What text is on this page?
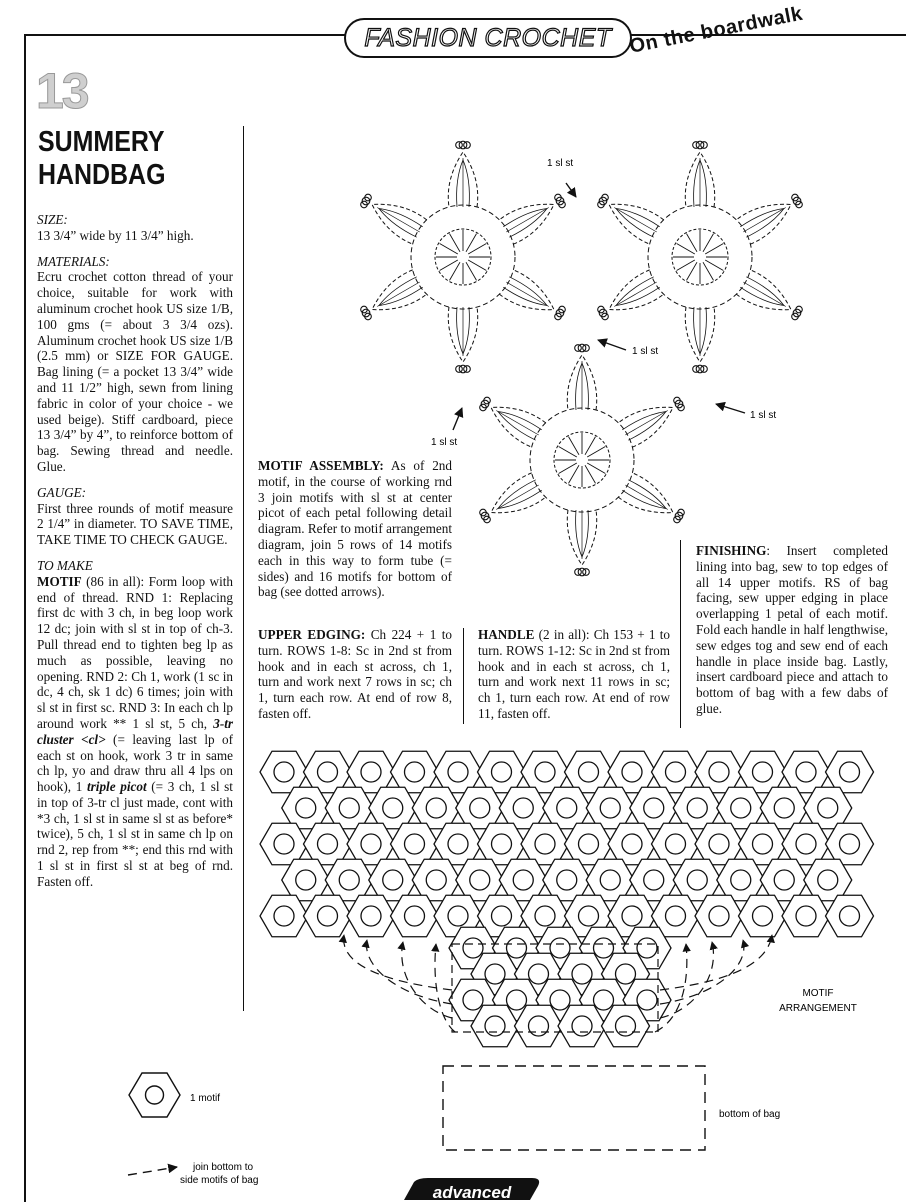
FASHION CROCHET On the boardwalk
13
SUMMERY
HANDBAG

SIZE:
13 3/4” wide by 11 3/4” high.

MATERIALS:
Ecru crochet cotton thread of your choice, suitable for work with aluminum crochet hook US size 1/B, 100 gms (= about 3 3/4 ozs). Aluminum crochet hook US size 1/B (2.5 mm) or SIZE FOR GAUGE. Bag lining (= a pocket 13 3/4” wide and 11 1/2” high, sewn from lining fabric in color of your choice - we used beige). Stiff cardboard, piece 13 3/4” by 4”, to reinforce bottom of bag. Sewing thread and needle. Glue.

GAUGE:
First three rounds of motif measure 2 1/4” in diameter. TO SAVE TIME, TAKE TIME TO CHECK GAUGE.

TO MAKE
MOTIF (86 in all): Form loop with end of thread. RND 1: Replacing first dc with 3 ch, in beg loop work 12 dc; join with sl st in top of ch-3. Pull thread end to tighten beg lp as much as possible, leaving no opening. RND 2: Ch 1, work (1 sc in dc, 4 ch, sk 1 dc) 6 times; join with sl st in first sc. RND 3: In each ch lp around work ** 1 sl st, 5 ch, 3-tr cluster <cl> (= leaving last lp of each st on hook, work 3 tr in same ch lp, yo and draw thru all 4 lps on hook), 1 triple picot (= 3 ch, 1 sl st in top of 3-tr cl just made, cont with *3 ch, 1 sl st in same sl st as before* twice), 5 ch, 1 sl st in same ch lp on rnd 2, rep from **; end this rnd with 1 sl st in first sl st at beg of rnd. Fasten off.

MOTIF ASSEMBLY: As of 2nd motif, in the course of working rnd 3 join motifs with sl st at center picot of each petal following detail diagram. Refer to motif arrangement diagram, join 5 rows of 14 motifs each in this way to form tube (= sides) and 16 motifs for bottom of bag (see dotted arrows).
UPPER EDGING: Ch 224 + 1 to turn. ROWS 1-8: Sc in 2nd st from hook and in each st across, ch 1, turn and work next 7 rows in sc; ch 1, turn each row. At end of row 8, fasten off.
HANDLE (2 in all): Ch 153 + 1 to turn. ROWS 1-12: Sc in 2nd st from hook and in each st across, ch 1, turn and work next 11 rows in sc; ch 1, turn each row. At end of row 11, fasten off.
FINISHING: Insert completed lining into bag, sew to top edges of all 14 upper motifs. RS of bag facing, sew upper edging in place overlapping 1 petal of each motif. Fold each handle in half lengthwise, sew edges tog and sew end of each handle in place inside bag. Lastly, insert cardboard piece and attach to bottom of bag with a few dabs of glue.
1 sl st
1 sl st
1 sl st
1 sl st
MOTIF
ARRANGEMENT
1 motif
bottom of bag
join bottom to
side motifs of bag
advanced
